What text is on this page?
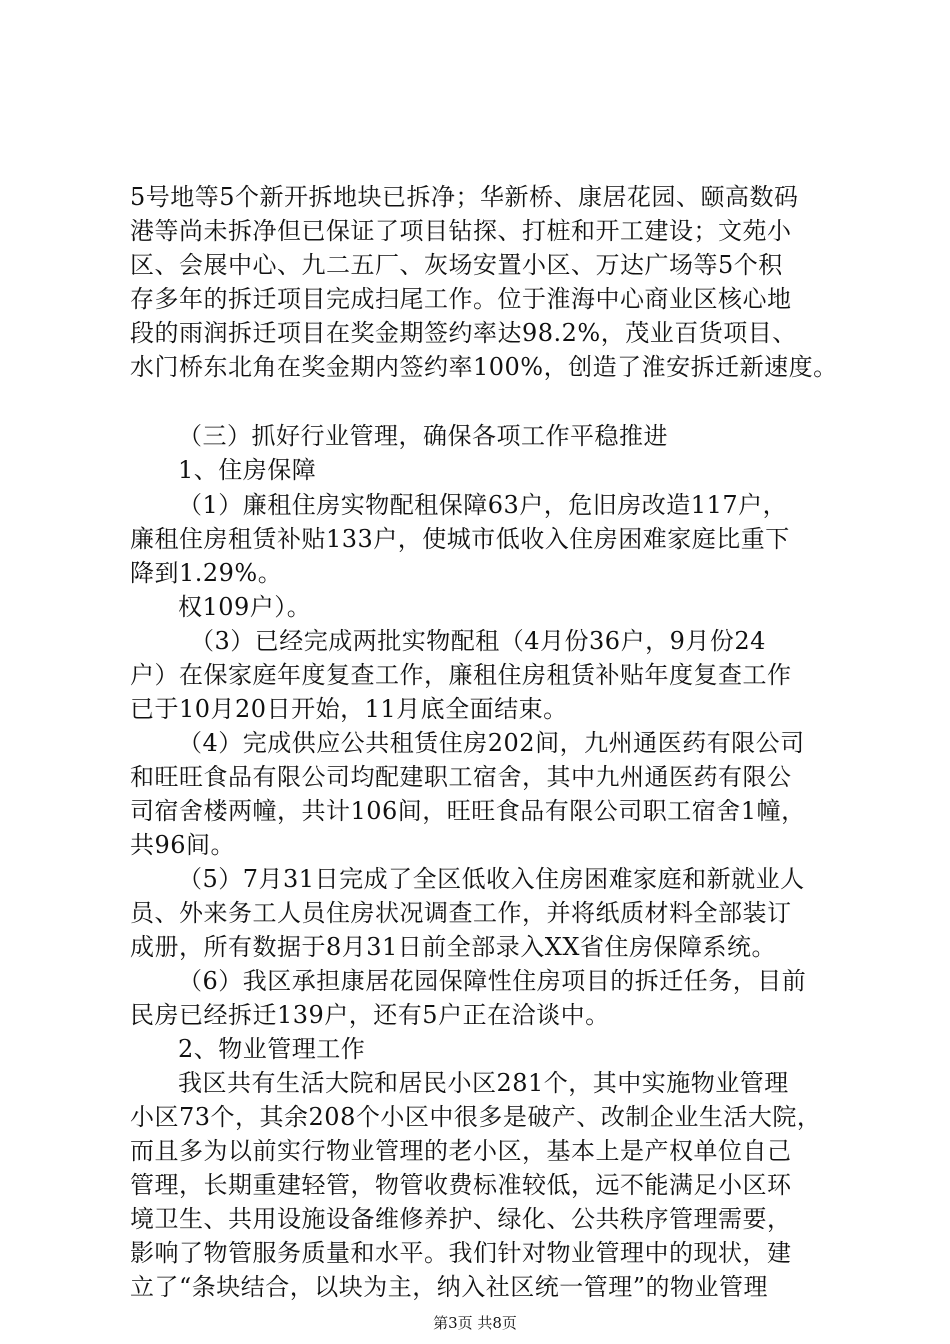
5号地等5个新开拆地块已拆净；华新桥、康居花园、颐高数码
港等尚未拆净但已保证了项目钻探、打桩和开工建设；文苑小
区、会展中心、九二五厂、灰场安置小区、万达广场等5个积
存多年的拆迁项目完成扫尾工作。位于淮海中心商业区核心地
段的雨润拆迁项目在奖金期签约率达98.2%，茂业百货项目、
水门桥东北角在奖金期内签约率100%，创造了淮安拆迁新速度。
（三）抓好行业管理，确保各项工作平稳推进
1、住房保障
（1）廉租住房实物配租保障63户，危旧房改造117户，
廉租住房租赁补贴133户，使城市低收入住房困难家庭比重下
降到1.29%。
权109户）。
（3）已经完成两批实物配租（4月份36户，9月份24
户）在保家庭年度复查工作，廉租住房租赁补贴年度复查工作
已于10月20日开始，11月底全面结束。
（4）完成供应公共租赁住房202间，九州通医药有限公司
和旺旺食品有限公司均配建职工宿舍，其中九州通医药有限公
司宿舍楼两幢，共计106间，旺旺食品有限公司职工宿舍1幢，
共96间。
（5）7月31日完成了全区低收入住房困难家庭和新就业人
员、外来务工人员住房状况调查工作，并将纸质材料全部装订
成册，所有数据于8月31日前全部录入XX省住房保障系统。
（6）我区承担康居花园保障性住房项目的拆迁任务，目前
民房已经拆迁139户，还有5户正在洽谈中。
2、物业管理工作
我区共有生活大院和居民小区281个，其中实施物业管理
小区73个，其余208个小区中很多是破产、改制企业生活大院，
而且多为以前实行物业管理的老小区，基本上是产权单位自己
管理，长期重建轻管，物管收费标准较低，远不能满足小区环
境卫生、共用设施设备维修养护、绿化、公共秩序管理需要，
影响了物管服务质量和水平。我们针对物业管理中的现状，建
立了“条块结合，以块为主，纳入社区统一管理”的物业管理
第3页 共8页
